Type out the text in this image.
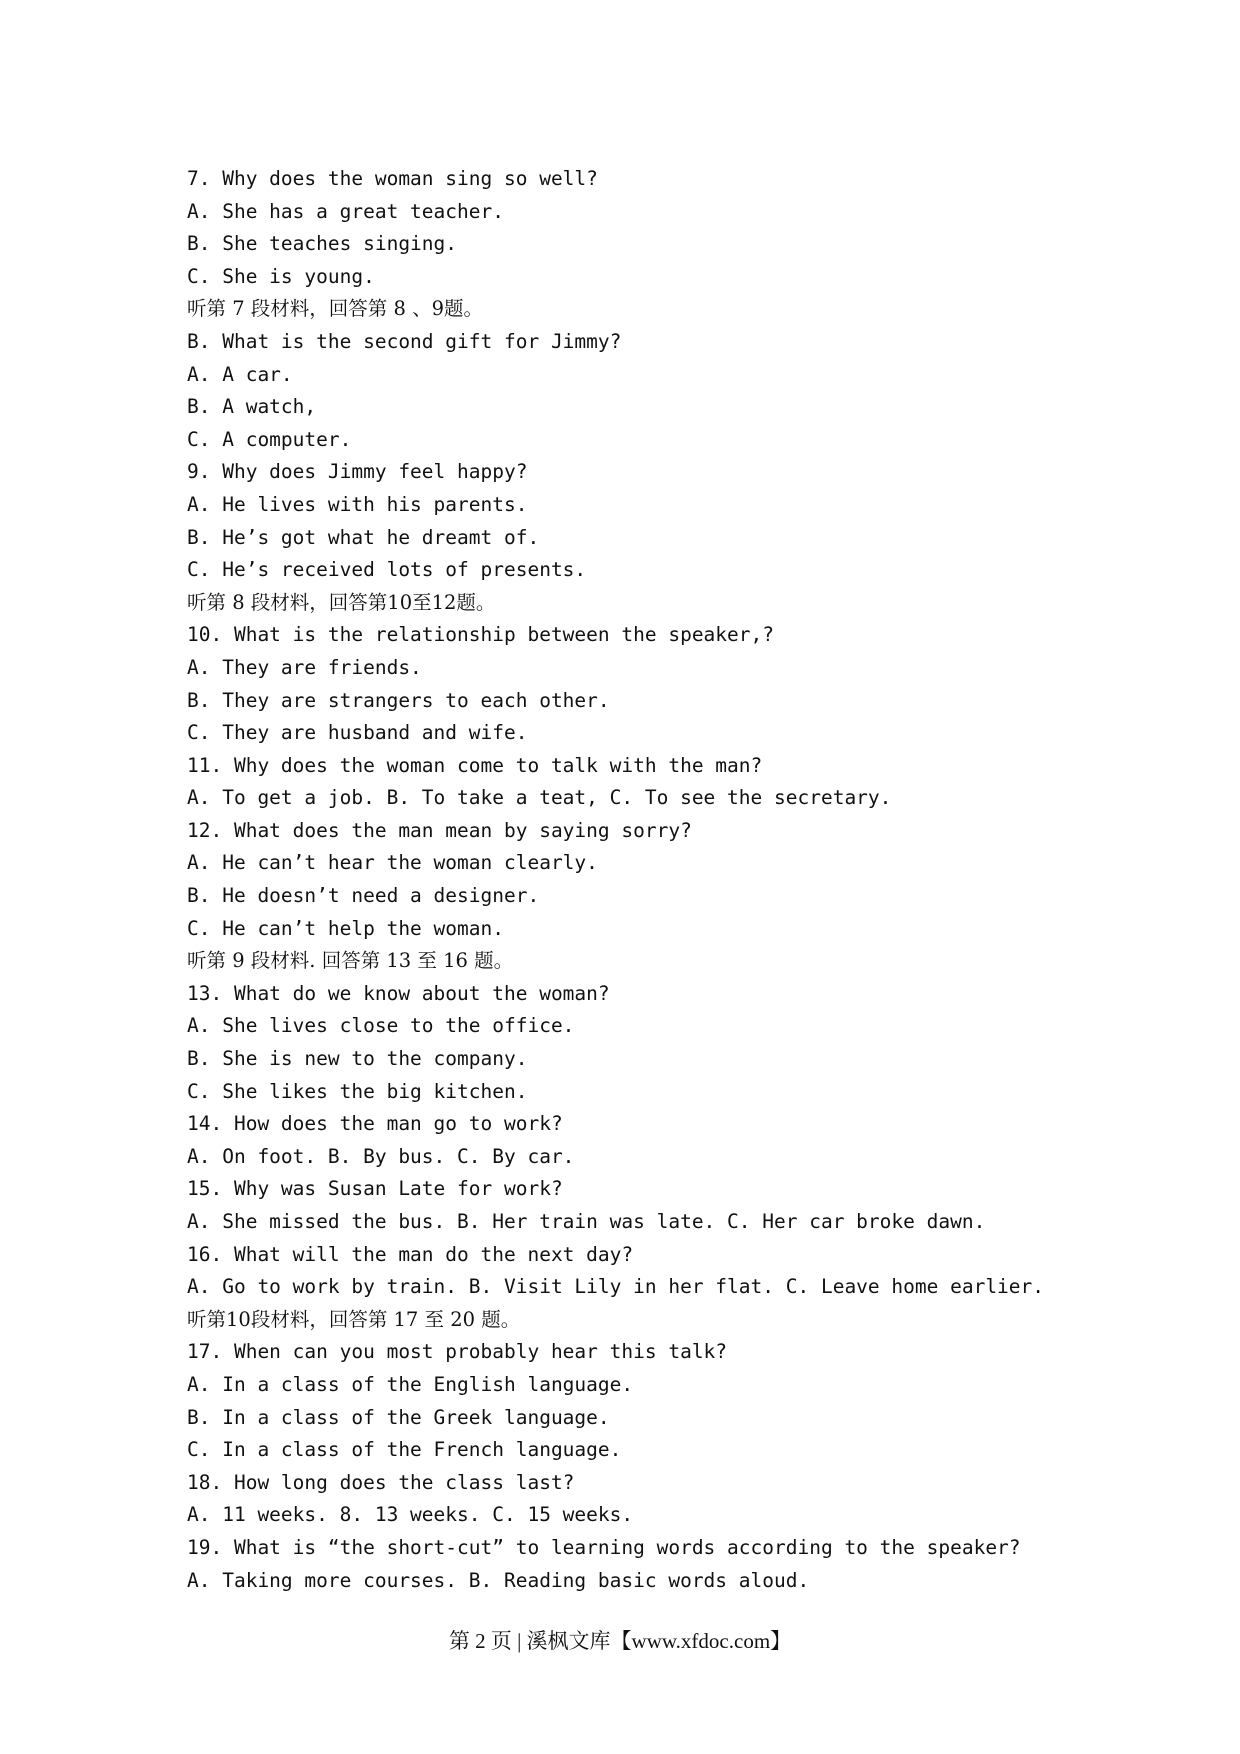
7. Why does the woman sing so well?
A. She has a great teacher.
B. She teaches singing.
C. She is young.
听第 7 段材料，回答第 8 、9题。
B. What is the second gift for Jimmy?
A. A car.
B. A watch,
C. A computer.
9. Why does Jimmy feel happy?
A. He lives with his parents.
B. He’s got what he dreamt of.
C. He’s received lots of presents.
听第 8 段材料，回答第10至12题。
10. What is the relationship between the speaker,?
A. They are friends.
B. They are strangers to each other.
C. They are husband and wife.
11. Why does the woman come to talk with the man?
A. To get a job. B. To take a teat, C. To see the secretary.
12. What does the man mean by saying sorry?
A. He can’t hear the woman clearly.
B. He doesn’t need a designer.
C. He can’t help the woman.
听第 9 段材料. 回答第 13 至 16 题。
13. What do we know about the woman?
A. She lives close to the office.
B. She is new to the company.
C. She likes the big kitchen.
14. How does the man go to work?
A. On foot. B. By bus. C. By car.
15. Why was Susan Late for work?
A. She missed the bus. B. Her train was late. C. Her car broke dawn.
16. What will the man do the next day?
A. Go to work by train. B. Visit Lily in her flat. C. Leave home earlier.
听第10段材料，回答第 17 至 20 题。
17. When can you most probably hear this talk?
A. In a class of the English language.
B. In a class of the Greek language.
C. In a class of the French language.
18. How long does the class last?
A. 11 weeks. 8. 13 weeks. C. 15 weeks.
19. What is “the short-cut” to learning words according to the speaker?
A. Taking more courses. B. Reading basic words aloud.
第 2 页 | 溪枫文库【www.xfdoc.com】
